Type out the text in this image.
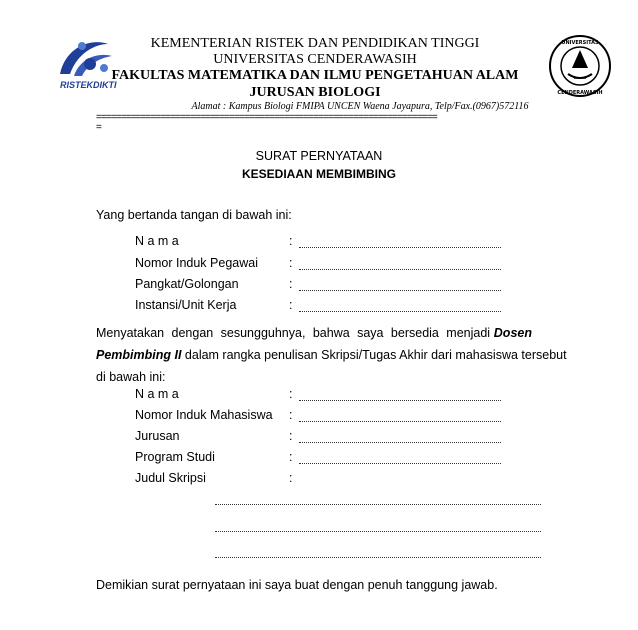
RISTEKDIKTI
UNIVERSITAS
CENDERAWASIH
KEMENTERIAN RISTEK DAN PENDIDIKAN TINGGI
UNIVERSITAS CENDERAWASIH
FAKULTAS MATEMATIKA DAN ILMU PENGETAHUAN ALAM
JURUSAN BIOLOGI
Alamat : Kampus Biologi FMIPA UNCEN Waena Jayapura, Telp/Fax.(0967)572116
=====================================================================
=
SURAT PERNYATAAN
KESEDIAAN MEMBIMBING
Yang bertanda tangan di bawah ini:
N a m a	:
Nomor Induk Pegawai :
Pangkat/Golongan	:
Instansi/Unit Kerja	:
Menyatakan  dengan  sesungguhnya,  bahwa  saya  bersedia  menjadi Dosen
Pembimbing II dalam rangka penulisan Skripsi/Tugas Akhir dari mahasiswa tersebut
di bawah ini:
N a m a	:
Nomor Induk Mahasiswa :
Jurusan	:
Program Studi	:
Judul Skripsi	:
Demikian surat pernyataan ini saya buat dengan penuh tanggung jawab.
